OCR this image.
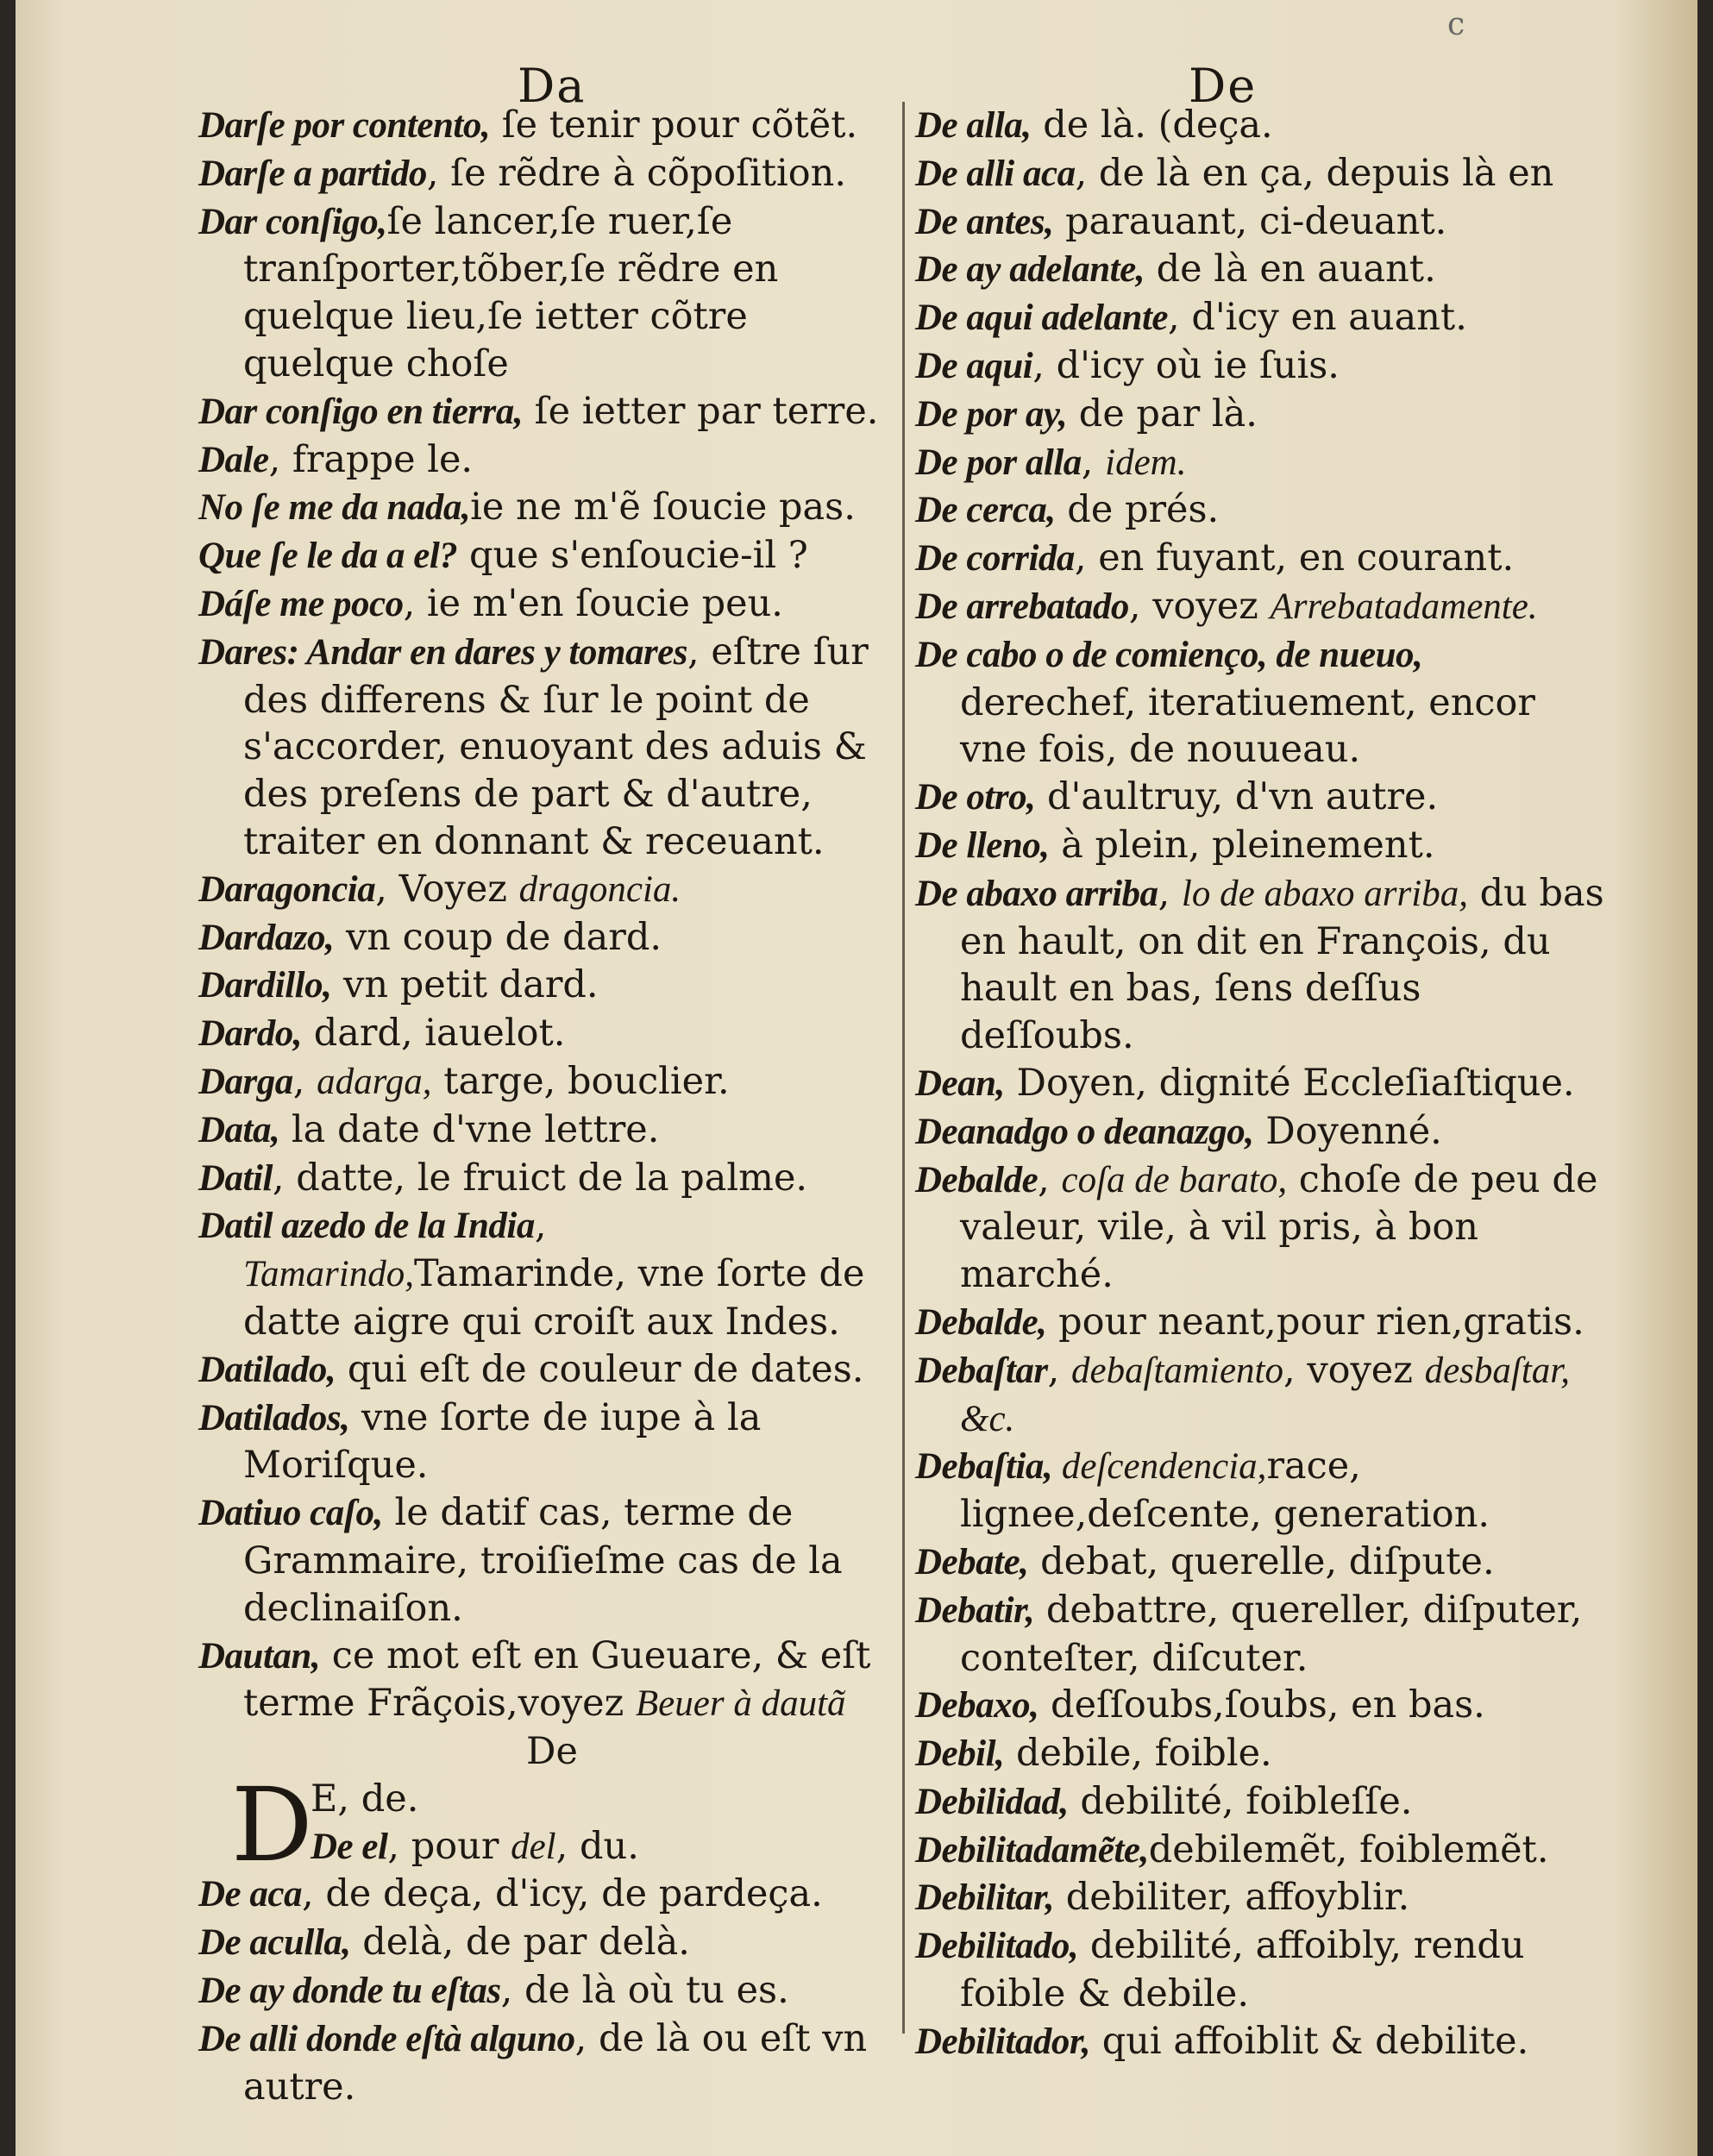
c
Da	De

Darſe por contento, ſe tenir pour cõtẽt.

Darſe a partido, ſe rẽdre à cõpoſition.

Dar conſigo,ſe lancer,ſe ruer,ſe tranſporter,tõber,ſe rẽdre en quelque lieu,ſe ietter cõtre quelque choſe

Dar conſigo en tierra, ſe ietter par terre.

Dale, frappe le.

No ſe me da nada,ie ne m'ẽ ſoucie pas.

Que ſe le da a el? que s'enſoucie-il ?

Dáſe me poco, ie m'en ſoucie peu.

Dares: Andar en dares y tomares, eſtre ſur des differens & ſur le point de s'accorder, enuoyant des aduis & des preſens de part & d'autre, traiter en donnant & receuant.

Daragoncia, Voyez dragoncia.

Dardazo, vn coup de dard.

Dardillo, vn petit dard.

Dardo, dard, iauelot.

Darga, adarga, targe, bouclier.

Data, la date d'vne lettre.

Datil, datte, le fruict de la palme.

Datil azedo de la India, Tamarindo,Tamarinde, vne ſorte de datte aigre qui croiſt aux Indes.

Datilado, qui eſt de couleur de dates.

Datilados, vne ſorte de iupe à la Moriſque.

Datiuo caſo, le datif cas, terme de Grammaire, troiſieſme cas de la declinaiſon.

Dautan, ce mot eſt en Gueuare, & eſt terme Frãçois,voyez Beuer à dautã

De

D

E, de.

De el, pour del, du.

De aca, de deça, d'icy, de pardeça.

De aculla, delà, de par delà.

De ay donde tu eſtas, de là où tu es.

De alli donde eſtà alguno, de là ou eſt vn autre.

De alla, de là. (deça.

De alli aca, de là en ça, depuis là en

De antes, parauant, ci-deuant.

De ay adelante, de là en auant.

De aqui adelante, d'icy en auant.

De aqui, d'icy où ie ſuis.

De por ay, de par là.

De por alla, idem.

De cerca, de prés.

De corrida, en fuyant, en courant.

De arrebatado, voyez Arrebatadamente.

De cabo o de comienço, de nueuo, derechef, iteratiuement, encor vne fois, de nouueau.

De otro, d'aultruy, d'vn autre.

De lleno, à plein, pleinement.

De abaxo arriba, lo de abaxo arriba, du bas en hault, on dit en François, du hault en bas, ſens deſſus deſſoubs.

Dean, Doyen, dignité Eccleſiaſtique.

Deanadgo o deanazgo, Doyenné.

Debalde, coſa de barato, choſe de peu de valeur, vile, à vil pris, à bon marché.

Debalde, pour neant,pour rien,gratis.

Debaſtar, debaſtamiento, voyez desbaſtar, &c.

Debaſtia, deſcendencia,race, lignee,deſcente, generation.

Debate, debat, querelle, diſpute.

Debatir, debattre, quereller, diſputer, conteſter, diſcuter.

Debaxo, deſſoubs,ſoubs, en bas.

Debil, debile, foible.

Debilidad, debilité, foibleſſe.

Debilitadamẽte,debilemẽt, foiblemẽt.

Debilitar, debiliter, affoyblir.

Debilitado, debilité, affoibly, rendu foible & debile.

Debilitador, qui affoiblit & debilite.
